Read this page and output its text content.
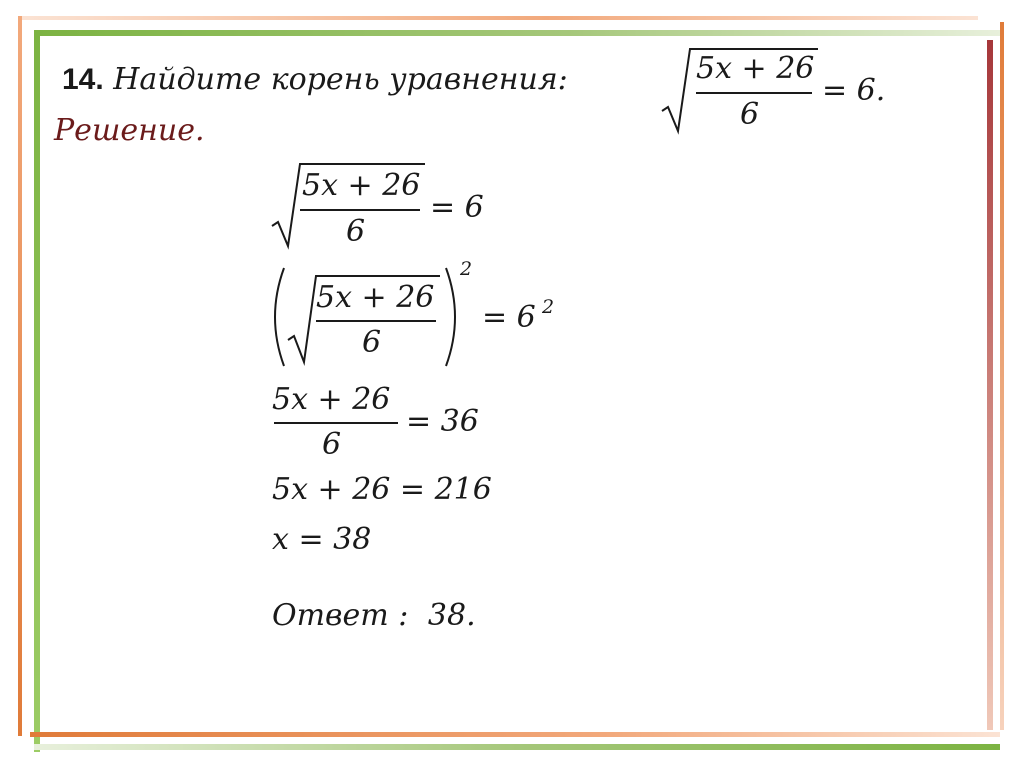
14. Найдите корень уравнения:	5x + 26
6
= 6.
Решение.
5x + 26
6
= 6
2
5x + 26
6
= 6 2
5x + 26
6
= 36
5x + 26 = 216
x = 38
Ответ : 38.
